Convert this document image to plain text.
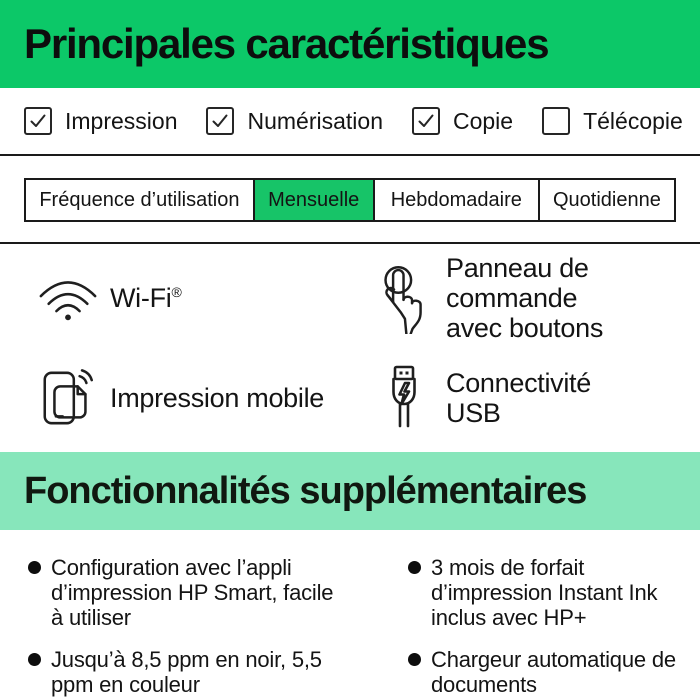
Principales caractéristiques
Impression	Numérisation	Copie	Télécopie
Fréquence d’utilisation	Mensuelle	Hebdomadaire	Quotidienne
Wi-Fi®
Panneau de commande avec boutons
Impression mobile
Connectivité USB
Fonctionnalités supplémentaires
Configuration avec l’appli d’impression HP Smart, facile à utiliser
Jusqu’à 8,5 ppm en noir, 5,5 ppm en couleur
3 mois de forfait d’impression Instant Ink inclus avec HP+
Chargeur automatique de documents
